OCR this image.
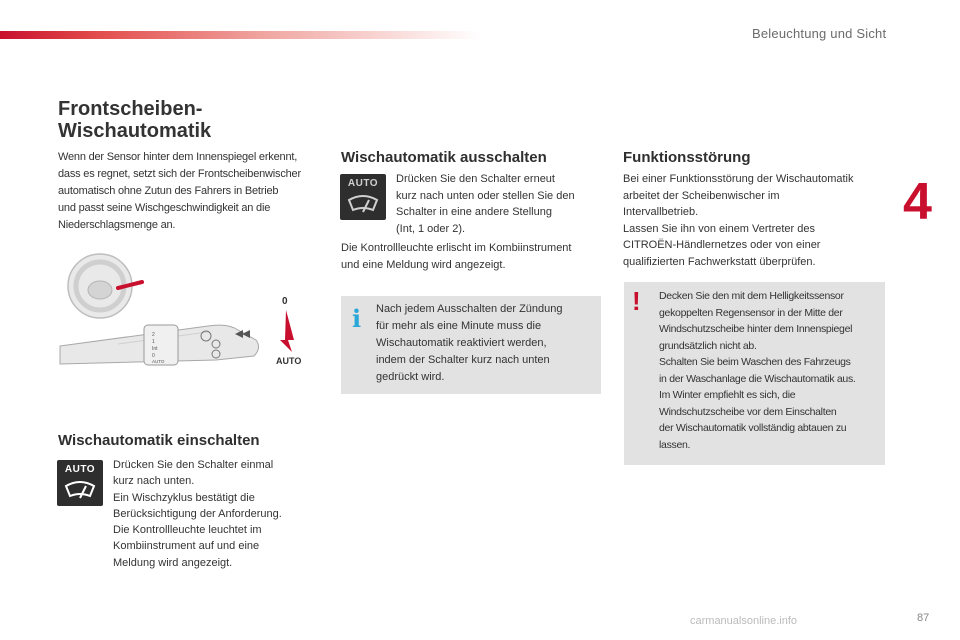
Beleuchtung und Sicht
4
87
Frontscheiben-
Wischautomatik

Wenn der Sensor hinter dem Innenspiegel erkennt,
dass es regnet, setzt sich der Frontscheibenwischer
automatisch ohne Zutun des Fahrers in Betrieb
und passt seine Wischgeschwindigkeit an die
Niederschlagsmenge an.

2
1
Int
0
AUTO
0
AUTO
Wischautomatik einschalten
AUTO	Drücken Sie den Schalter einmal
kurz nach unten.
Ein Wischzyklus bestätigt die
Berücksichtigung der Anforderung.
Die Kontrollleuchte leuchtet im
Kombiinstrument auf und eine
Meldung wird angezeigt.

Wischautomatik ausschalten
AUTO	Drücken Sie den Schalter erneut
kurz nach unten oder stellen Sie den
Schalter in eine andere Stellung
(Int, 1 oder 2).

Die Kontrollleuchte erlischt im Kombiinstrument
und eine Meldung wird angezeigt.

i Nach jedem Ausschalten der Zündung
für mehr als eine Minute muss die
Wischautomatik reaktiviert werden,
indem der Schalter kurz nach unten
gedrückt wird.

Funktionsstörung

Bei einer Funktionsstörung der Wischautomatik
arbeitet der Scheibenwischer im
Intervallbetrieb.
Lassen Sie ihn von einem Vertreter des
CITROËN-Händlernetzes oder von einer
qualifizierten Fachwerkstatt überprüfen.

! Decken Sie den mit dem Helligkeitssensor
gekoppelten Regensensor in der Mitte der
Windschutzscheibe hinter dem Innenspiegel
grundsätzlich nicht ab.
Schalten Sie beim Waschen des Fahrzeugs
in der Waschanlage die Wischautomatik aus.
Im Winter empfiehlt es sich, die
Windschutzscheibe vor dem Einschalten
der Wischautomatik vollständig abtauen zu
lassen.

carmanualsonline.info
